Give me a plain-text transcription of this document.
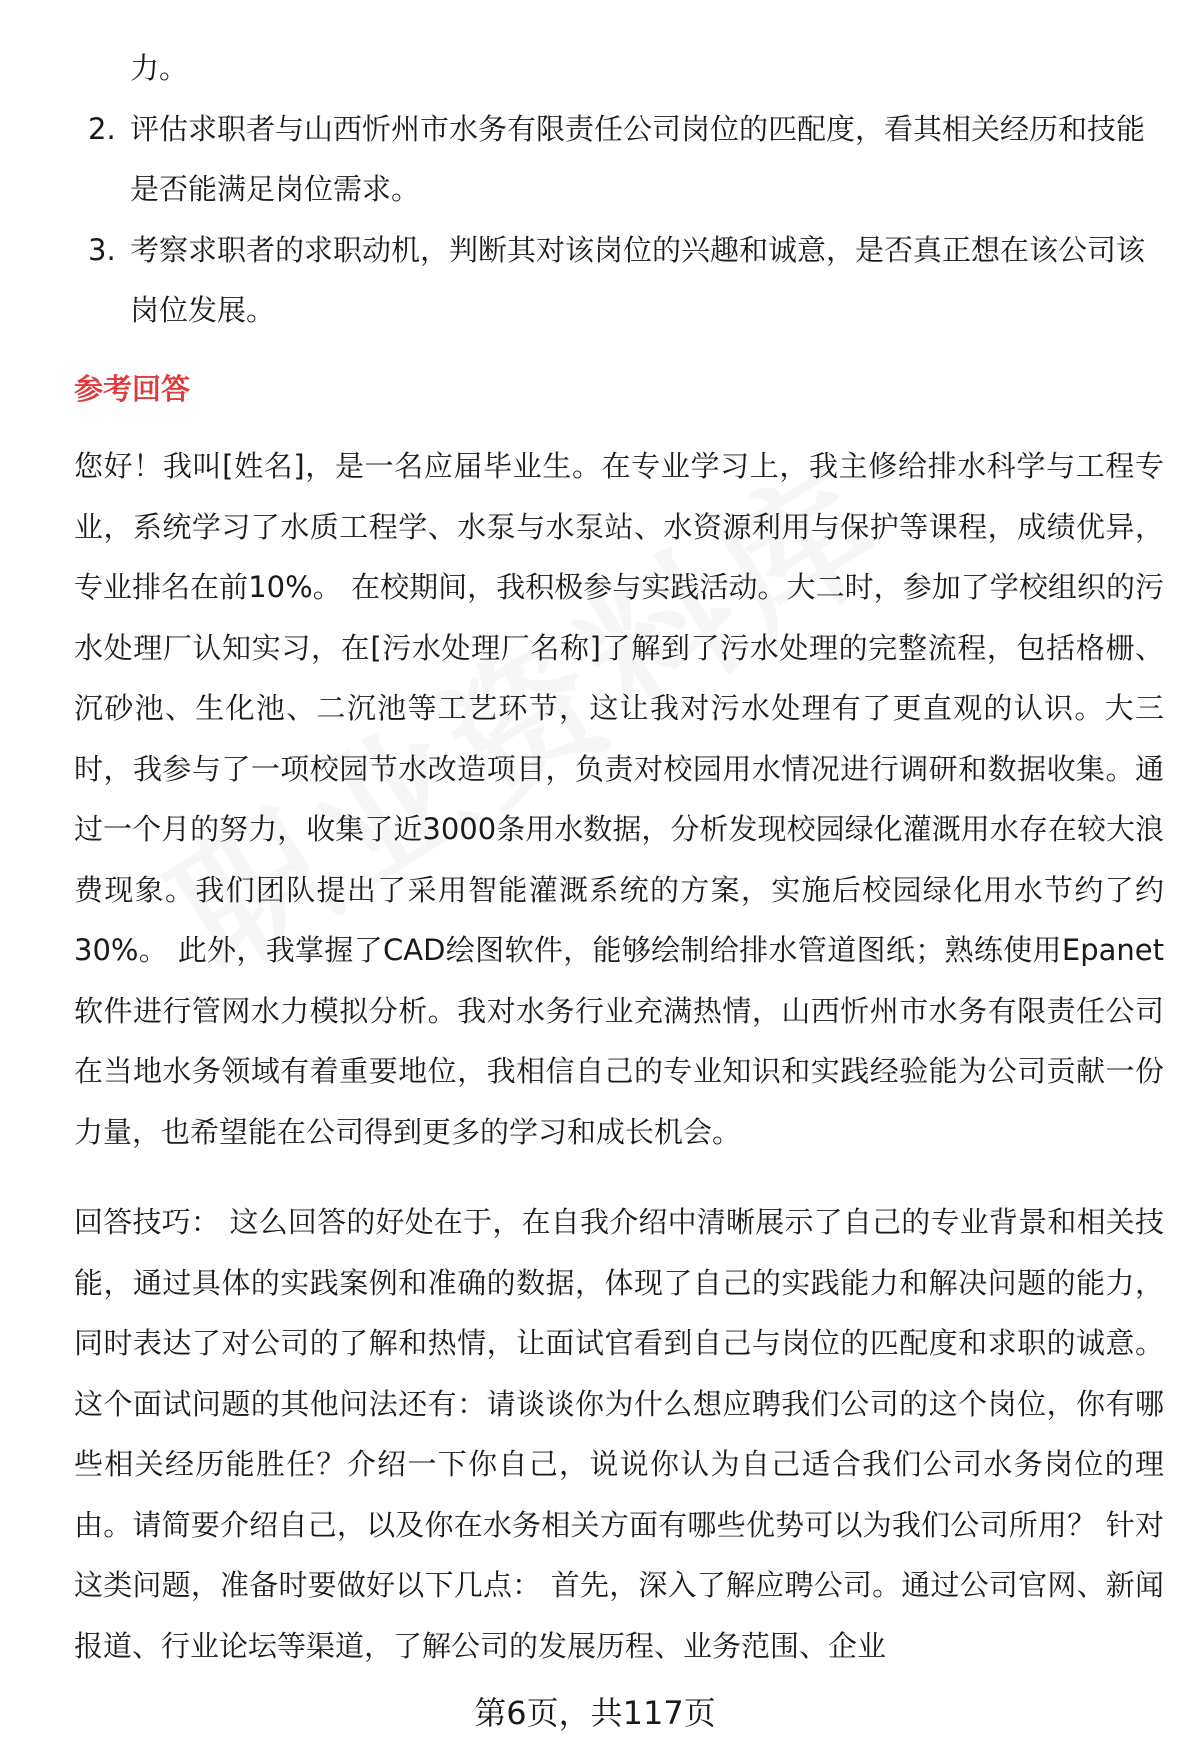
力。

2. 评估求职者与山西忻州市水务有限责任公司岗位的匹配度，看其相关经历和技能是否能满足岗位需求。
3. 考察求职者的求职动机，判断其对该岗位的兴趣和诚意，是否真正想在该公司该岗位发展。
参考回答

您好！我叫[姓名]，是一名应届毕业生。在专业学习上，我主修给排水科学与工程专业，系统学习了水质工程学、水泵与水泵站、水资源利用与保护等课程，成绩优异，专业排名在前10%。 在校期间，我积极参与实践活动。大二时，参加了学校组织的污水处理厂认知实习，在[污水处理厂名称]了解到了污水处理的完整流程，包括格栅、沉砂池、生化池、二沉池等工艺环节，这让我对污水处理有了更直观的认识。大三时，我参与了一项校园节水改造项目，负责对校园用水情况进行调研和数据收集。通过一个月的努力，收集了近3000条用水数据，分析发现校园绿化灌溉用水存在较大浪费现象。我们团队提出了采用智能灌溉系统的方案，实施后校园绿化用水节约了约30%。 此外，我掌握了CAD绘图软件，能够绘制给排水管道图纸；熟练使用Epanet软件进行管网水力模拟分析。我对水务行业充满热情，山西忻州市水务有限责任公司在当地水务领域有着重要地位，我相信自己的专业知识和实践经验能为公司贡献一份力量，也希望能在公司得到更多的学习和成长机会。

回答技巧： 这么回答的好处在于，在自我介绍中清晰展示了自己的专业背景和相关技能，通过具体的实践案例和准确的数据，体现了自己的实践能力和解决问题的能力，同时表达了对公司的了解和热情，让面试官看到自己与岗位的匹配度和求职的诚意。 这个面试问题的其他问法还有：请谈谈你为什么想应聘我们公司的这个岗位，你有哪些相关经历能胜任？介绍一下你自己，说说你认为自己适合我们公司水务岗位的理由。请简要介绍自己，以及你在水务相关方面有哪些优势可以为我们公司所用？ 针对这类问题，准备时要做好以下几点： 首先，深入了解应聘公司。通过公司官网、新闻报道、行业论坛等渠道，了解公司的发展历程、业务范围、企业

第6页，共117页
